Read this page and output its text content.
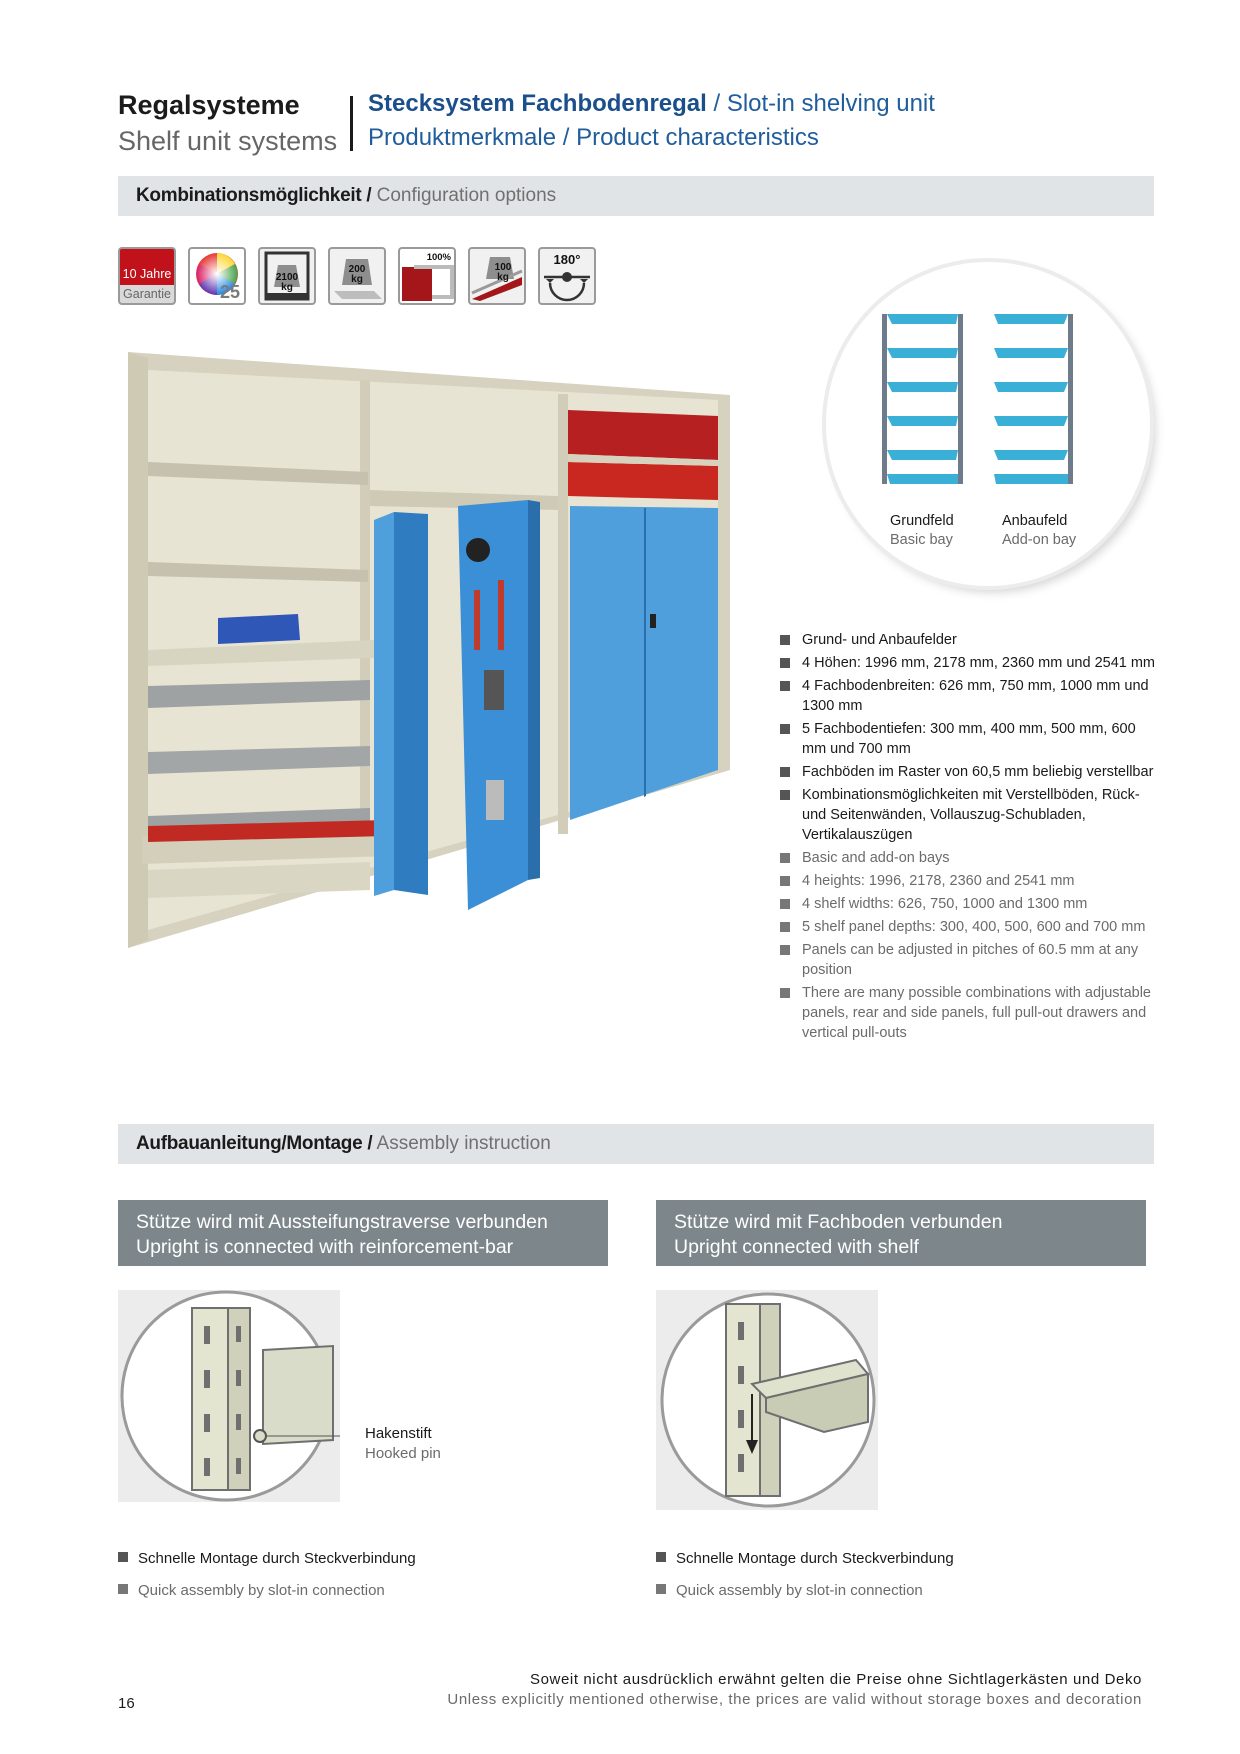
Regalsysteme
Shelf unit systems
Stecksystem Fachbodenregal / Slot-in shelving unit
Produktmerkmale / Product characteristics
Kombinationsmöglichkeit / Configuration options
10 Jahre
Garantie	25
2100
kg
200
kg
100%
100
kg
180°
Grundfeld
Basic bay
Anbaufeld
Add-on bay
Grund- und Anbaufelder
4 Höhen: 1996 mm, 2178 mm, 2360 mm und 2541 mm
4 Fachbodenbreiten: 626 mm, 750 mm, 1000 mm und 1300 mm
5 Fachbodentiefen: 300 mm, 400 mm, 500 mm, 600 mm und 700 mm
Fachböden im Raster von 60,5 mm beliebig verstellbar
Kombinationsmöglichkeiten mit Verstellböden, Rück- und Seitenwänden, Vollauszug-Schubladen, Vertikalauszügen
Basic and add-on bays
4 heights: 1996, 2178, 2360 and 2541 mm
4 shelf widths: 626, 750, 1000 and 1300 mm
5 shelf panel depths: 300, 400, 500, 600 and 700 mm
Panels can be adjusted in pitches of 60.5 mm at any position
There are many possible combinations with adjustable panels, rear and side panels, full pull-out drawers and vertical pull-outs
Aufbauanleitung/Montage / Assembly instruction
Stütze wird mit Aussteifungstraverse verbunden
Upright is connected with reinforcement-bar
Hakenstift
Hooked pin
Schnelle Montage durch Steckverbindung
Quick assembly by slot-in connection
Stütze wird mit Fachboden verbunden
Upright connected with shelf
Schnelle Montage durch Steckverbindung
Quick assembly by slot-in connection
16
Soweit nicht ausdrücklich erwähnt gelten die Preise ohne Sichtlagerkästen und Deko
Unless explicitly mentioned otherwise, the prices are valid without storage boxes and decoration
